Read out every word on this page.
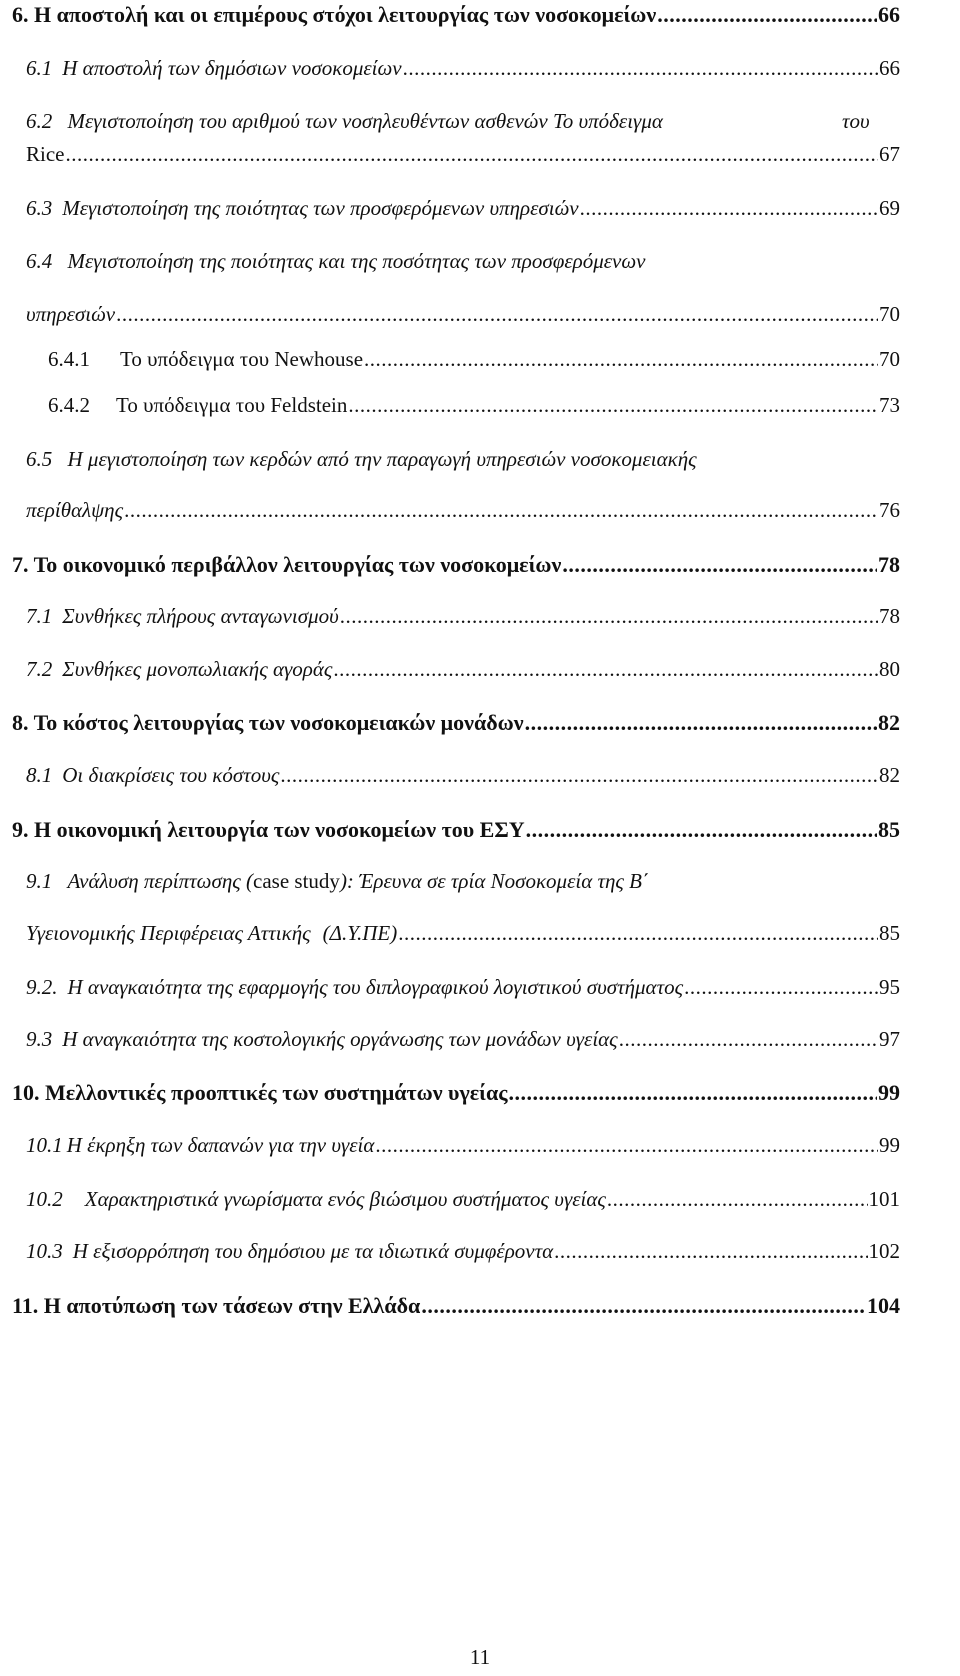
6. Η αποστολή και οι επιμέρους στόχοι λειτουργίας των νοσοκομείων .....	66
6.1 Η αποστολή των δημόσιων νοσοκομείων .....	66
6.2 Μεγιστοποίηση του αριθμού των νοσηλευθέντων ασθενών Το υπόδειγμα	του
Rice .....	67
6.3 Μεγιστοποίηση της ποιότητας των προσφερόμενων υπηρεσιών .....	69
6.4 Μεγιστοποίηση της ποιότητας και της ποσότητας των προσφερόμενων
υπηρεσιών .....	70
6.4.1 Το υπόδειγμα του Newhouse .....	70
6.4.2 Το υπόδειγμα του Feldstein .....	73
6.5 Η μεγιστοποίηση των κερδών από την παραγωγή υπηρεσιών νοσοκομειακής
περίθαλψης .....	76
7. Το οικονομικό περιβάλλον λειτουργίας των νοσοκομείων .....	78
7.1 Συνθήκες πλήρους ανταγωνισμού .....	78
7.2 Συνθήκες μονοπωλιακής αγοράς .....	80
8. Το κόστος λειτουργίας των νοσοκομειακών μονάδων .....	82
8.1 Οι διακρίσεις του κόστους .....	82
9. Η οικονομική λειτουργία των νοσοκομείων του ΕΣΥ .....	85
9.1 Ανάλυση περίπτωσης (case study): Έρευνα σε τρία Νοσοκομεία της Β΄
Υγειονομικής Περιφέρειας Αττικής (Δ.Υ.ΠΕ) .....	85
9.2. Η αναγκαιότητα της εφαρμογής του διπλογραφικού λογιστικού συστήματος .....	95
9.3 Η αναγκαιότητα της κοστολογικής οργάνωσης των μονάδων υγείας .....	97
10. Μελλοντικές προοπτικές των συστημάτων υγείας .....	99
10.1 Η έκρηξη των δαπανών για την υγεία .....	99
10.2 Χαρακτηριστικά γνωρίσματα ενός βιώσιμου συστήματος υγείας .....	101
10.3 Η εξισορρόπηση του δημόσιου με τα ιδιωτικά συμφέροντα .....	102
11. Η αποτύπωση των τάσεων στην Ελλάδα .....	104
11
